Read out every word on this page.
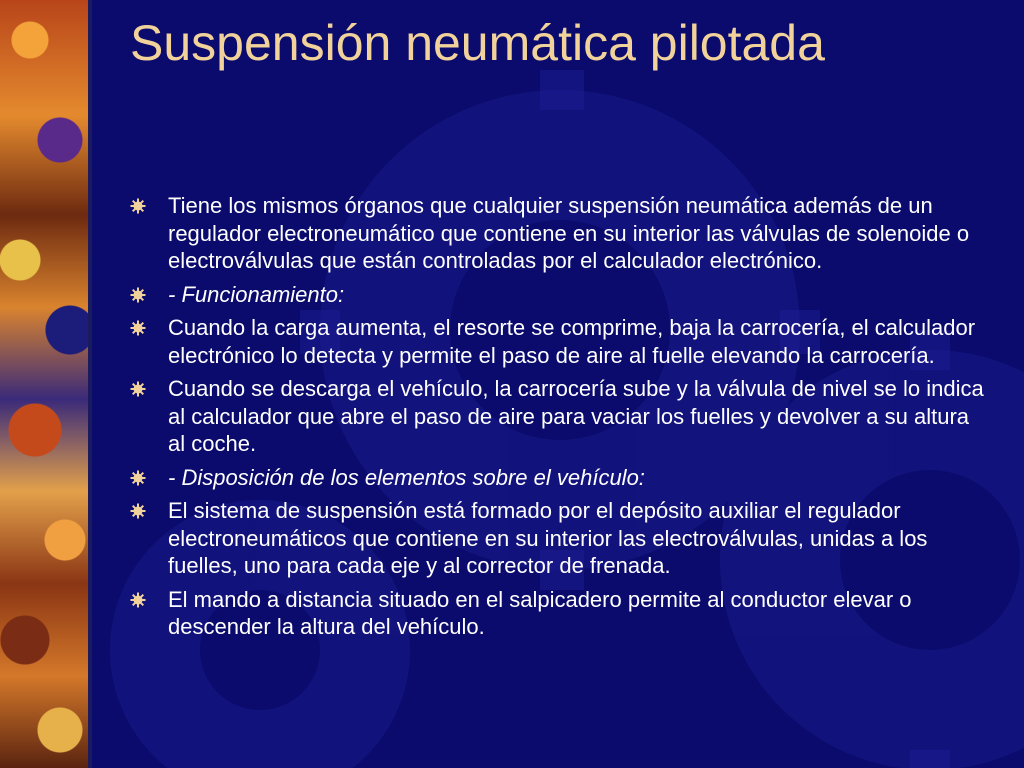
Suspensión neumática pilotada
Tiene los mismos órganos que cualquier suspensión neumática además de un regulador electroneumático que contiene en su interior las válvulas de solenoide o electroválvulas que están controladas por el calculador electrónico.
- Funcionamiento:
Cuando la carga aumenta, el resorte se comprime, baja la carrocería, el calculador electrónico lo detecta y permite el paso de aire al fuelle elevando la carrocería.
Cuando se descarga el vehículo, la carrocería sube y la válvula de nivel se lo indica al calculador que abre el paso de aire para vaciar los fuelles y devolver a su altura al coche.
- Disposición de los elementos sobre el vehículo:
El sistema de suspensión está formado por el depósito auxiliar el regulador electroneumáticos que contiene en su interior las electroválvulas, unidas a los fuelles, uno para cada eje y al corrector de frenada.
El mando a distancia situado en el salpicadero permite al conductor elevar o descender la altura del vehículo.
